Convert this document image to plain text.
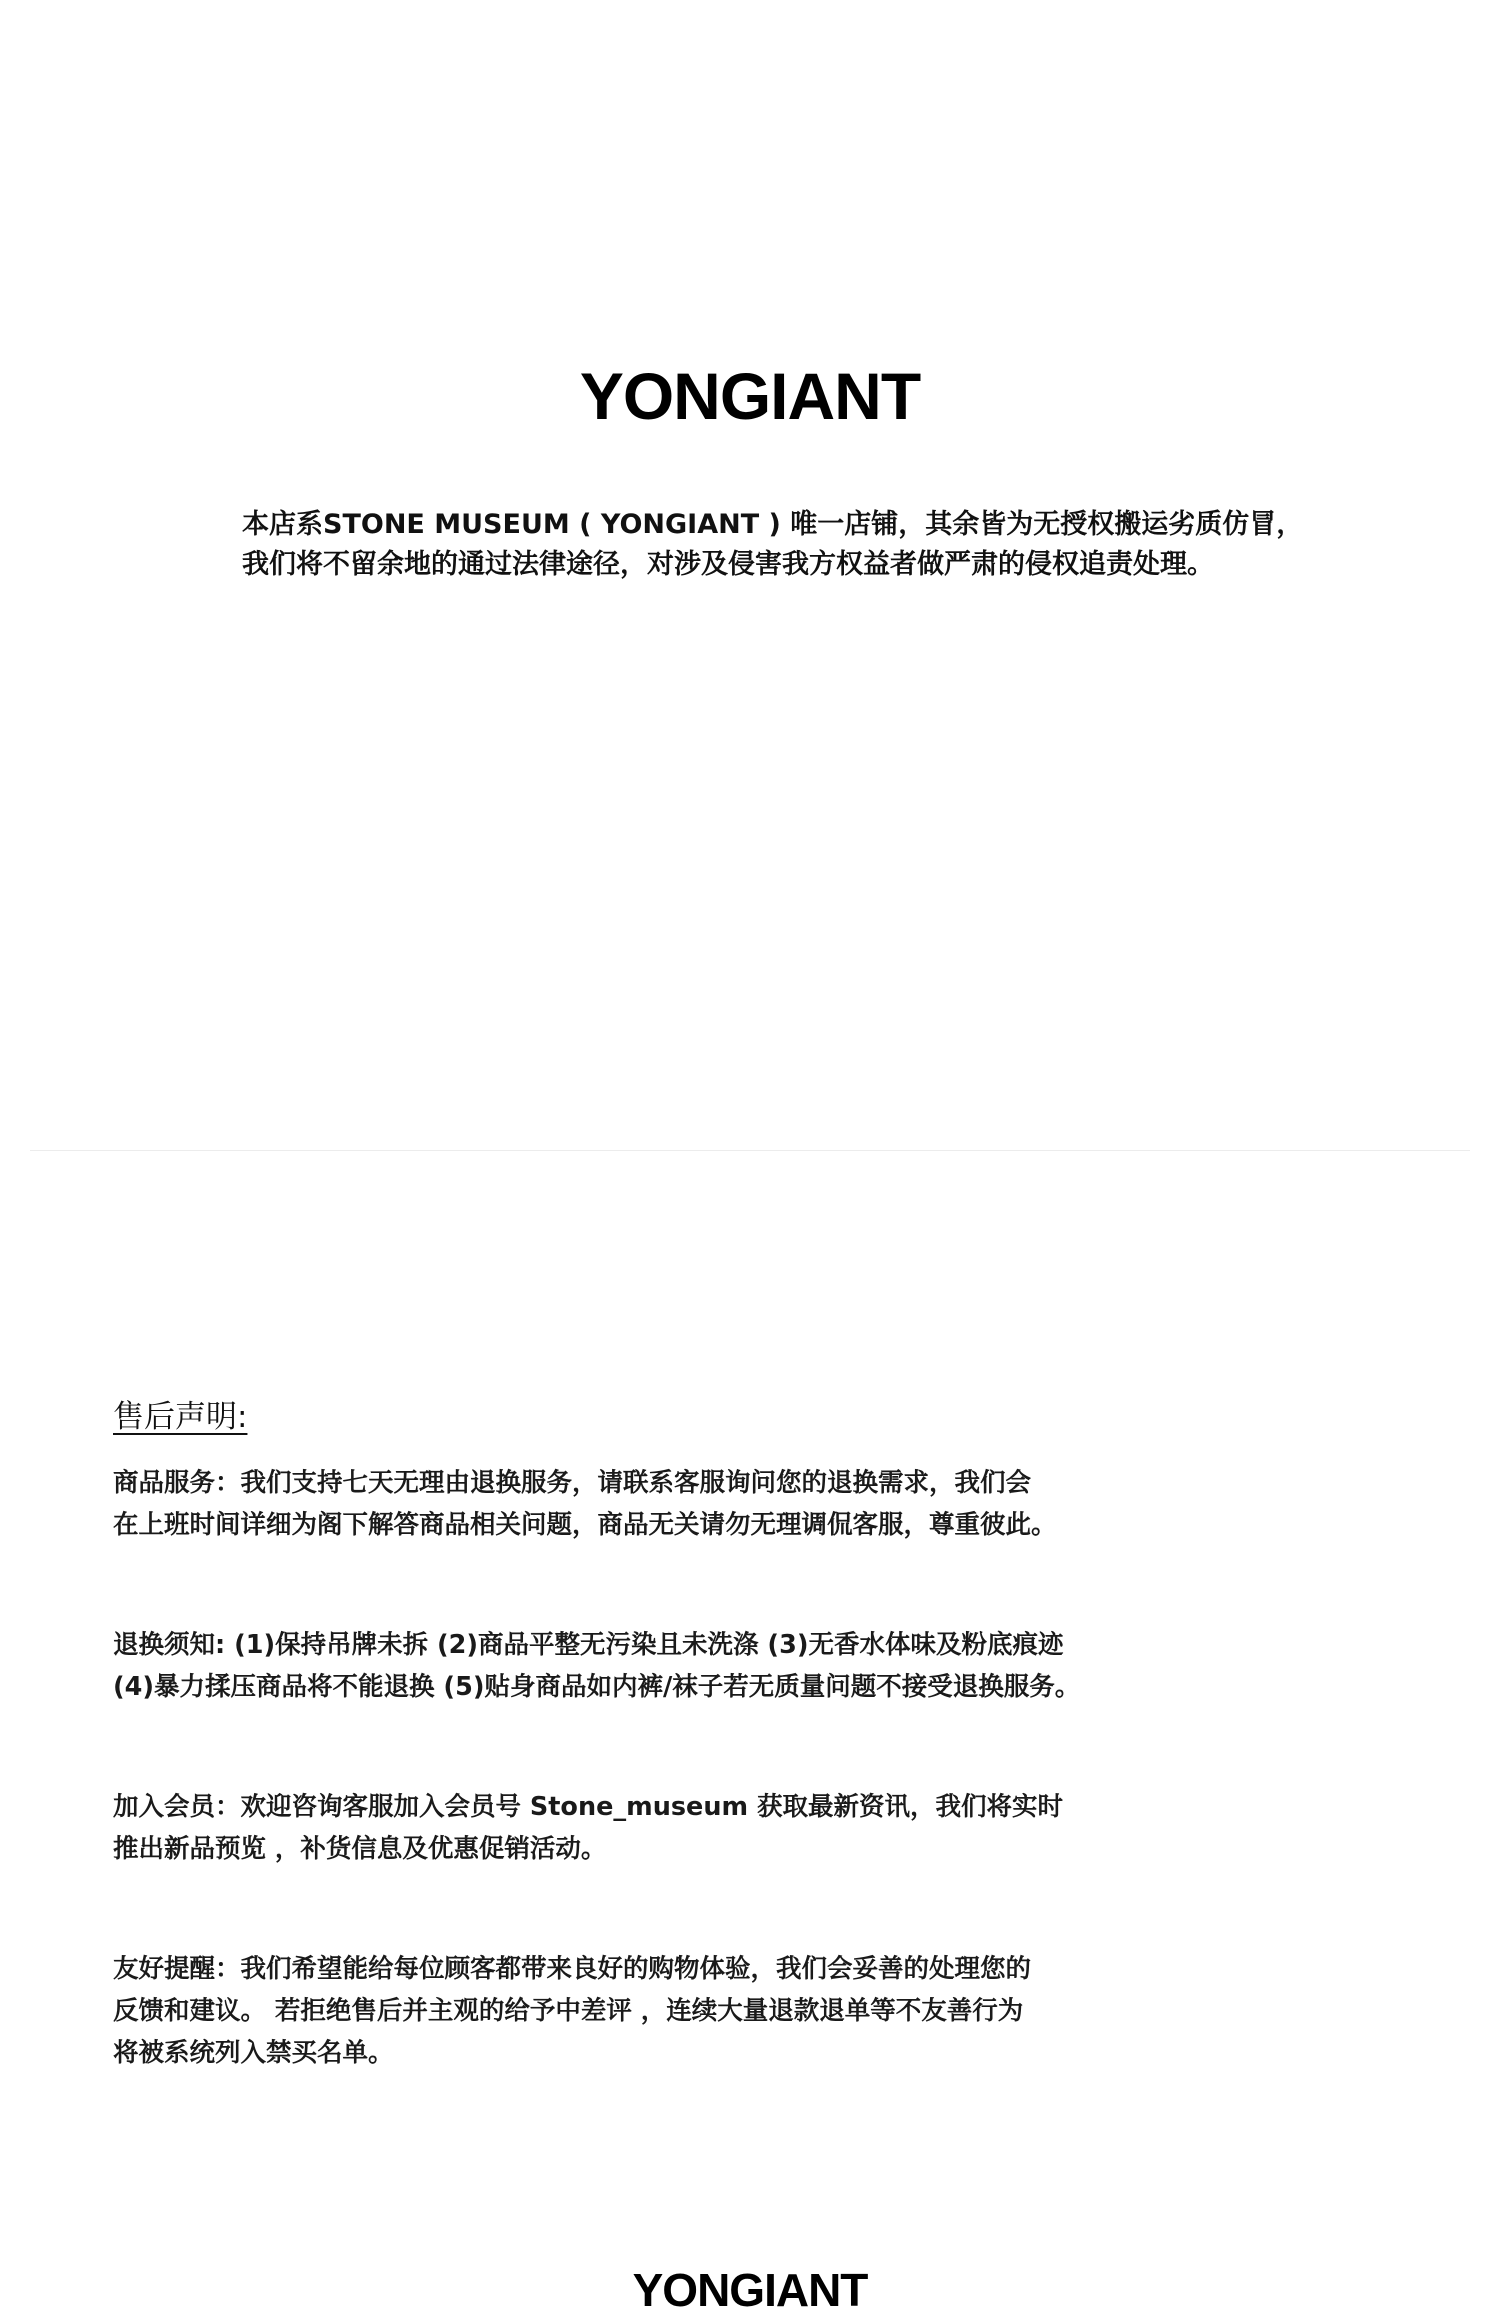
YONGIANT
本店系STONE MUSEUM ( YONGIANT ) 唯一店铺，其余皆为无授权搬运劣质仿冒，
我们将不留余地的通过法律途径，对涉及侵害我方权益者做严肃的侵权追责处理。
售后声明:
商品服务：我们支持七天无理由退换服务，请联系客服询问您的退换需求，我们会
在上班时间详细为阁下解答商品相关问题，商品无关请勿无理调侃客服，尊重彼此。
退换须知: (1)保持吊牌未拆 (2)商品平整无污染且未洗涤 (3)无香水体味及粉底痕迹
(4)暴力揉压商品将不能退换 (5)贴身商品如内裤/袜子若无质量问题不接受退换服务。
加入会员：欢迎咨询客服加入会员号 Stone_museum 获取最新资讯，我们将实时
推出新品预览 ，补货信息及优惠促销活动。
友好提醒：我们希望能给每位顾客都带来良好的购物体验，我们会妥善的处理您的
反馈和建议。 若拒绝售后并主观的给予中差评 ，连续大量退款退单等不友善行为
将被系统列入禁买名单。
YONGIANT
